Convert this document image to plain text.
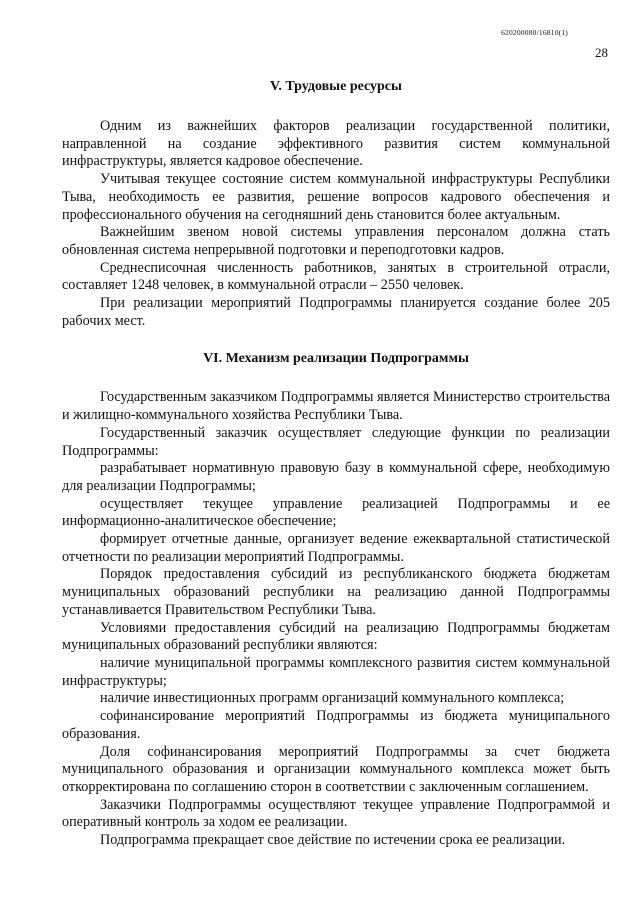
620200080/16810(1)
28
V. Трудовые ресурсы

Одним из важнейших факторов реализации государственной политики, направленной на создание эффективного развития систем коммунальной инфраструктуры, является кадровое обеспечение.

Учитывая текущее состояние систем коммунальной инфраструктуры Республики Тыва, необходимость ее развития, решение вопросов кадрового обеспечения и профессионального обучения на сегодняшний день становится более актуальным.

Важнейшим звеном новой системы управления персоналом должна стать обновленная система непрерывной подготовки и переподготовки кадров.

Среднесписочная численность работников, занятых в строительной отрасли, составляет 1248 человек, в коммунальной отрасли – 2550 человек.

При реализации мероприятий Подпрограммы планируется создание более 205 рабочих мест.

VI. Механизм реализации Подпрограммы

Государственным заказчиком Подпрограммы является Министерство строительства и жилищно-коммунального хозяйства Республики Тыва.

Государственный заказчик осуществляет следующие функции по реализации Подпрограммы:

разрабатывает нормативную правовую базу в коммунальной сфере, необходимую для реализации Подпрограммы;

осуществляет текущее управление реализацией Подпрограммы и ее информационно-аналитическое обеспечение;

формирует отчетные данные, организует ведение ежеквартальной статистической отчетности по реализации мероприятий Подпрограммы.

Порядок предоставления субсидий из республиканского бюджета бюджетам муниципальных образований республики на реализацию данной Подпрограммы устанавливается Правительством Республики Тыва.

Условиями предоставления субсидий на реализацию Подпрограммы бюджетам муниципальных образований республики являются:

наличие муниципальной программы комплексного развития систем коммунальной инфраструктуры;

наличие инвестиционных программ организаций коммунального комплекса;

софинансирование мероприятий Подпрограммы из бюджета муниципального образования.

Доля софинансирования мероприятий Подпрограммы за счет бюджета муниципального образования и организации коммунального комплекса может быть откорректирована по соглашению сторон в соответствии с заключенным соглашением.

Заказчики Подпрограммы осуществляют текущее управление Подпрограммой и оперативный контроль за ходом ее реализации.

Подпрограмма прекращает свое действие по истечении срока ее реализации.
